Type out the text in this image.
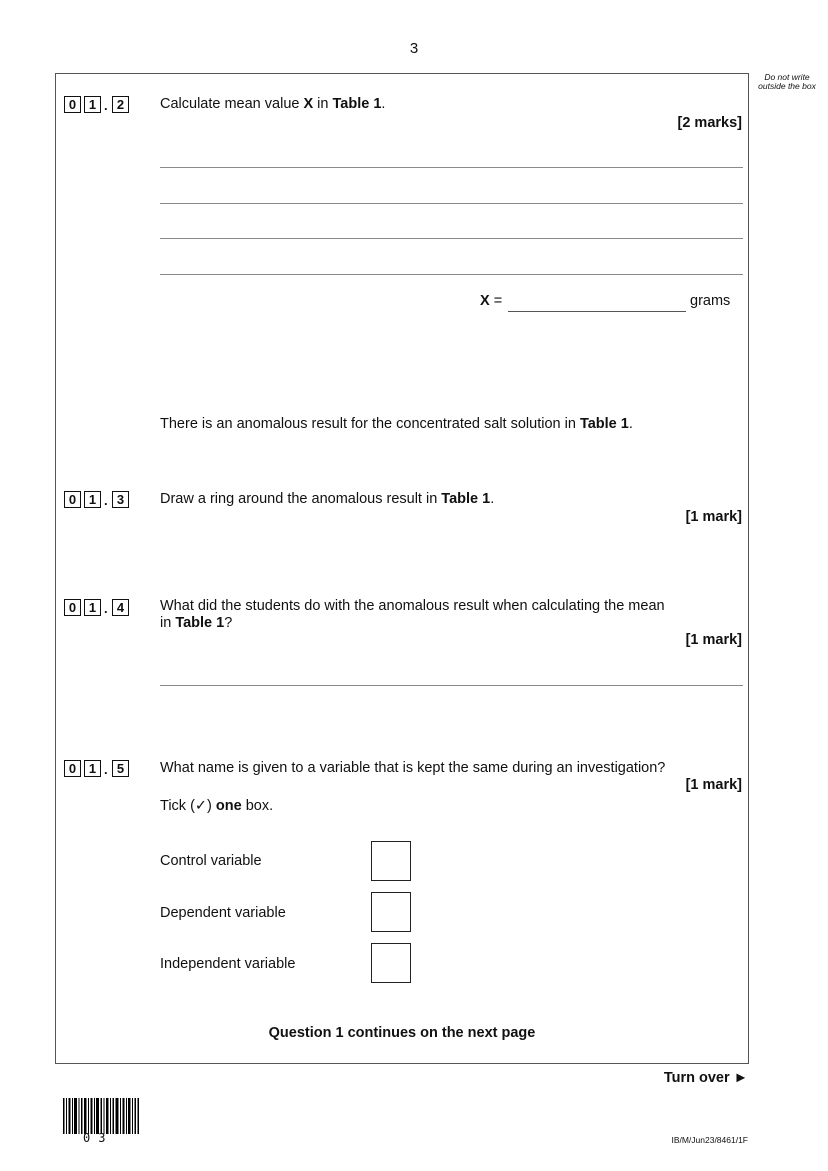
3
Do not write outside the box
0 1 . 2	Calculate mean value X in Table 1.
[2 marks]
X =	grams
There is an anomalous result for the concentrated salt solution in Table 1.
0 1 . 3	Draw a ring around the anomalous result in Table 1.
[1 mark]
0 1 . 4	What did the students do with the anomalous result when calculating the mean
in Table 1?
[1 mark]
0 1 . 5	What name is given to a variable that is kept the same during an investigation?
[1 mark]
Tick (✓) one box.
Control variable
Dependent variable
Independent variable
Question 1 continues on the next page
Turn over ►
03	IB/M/Jun23/8461/1F
